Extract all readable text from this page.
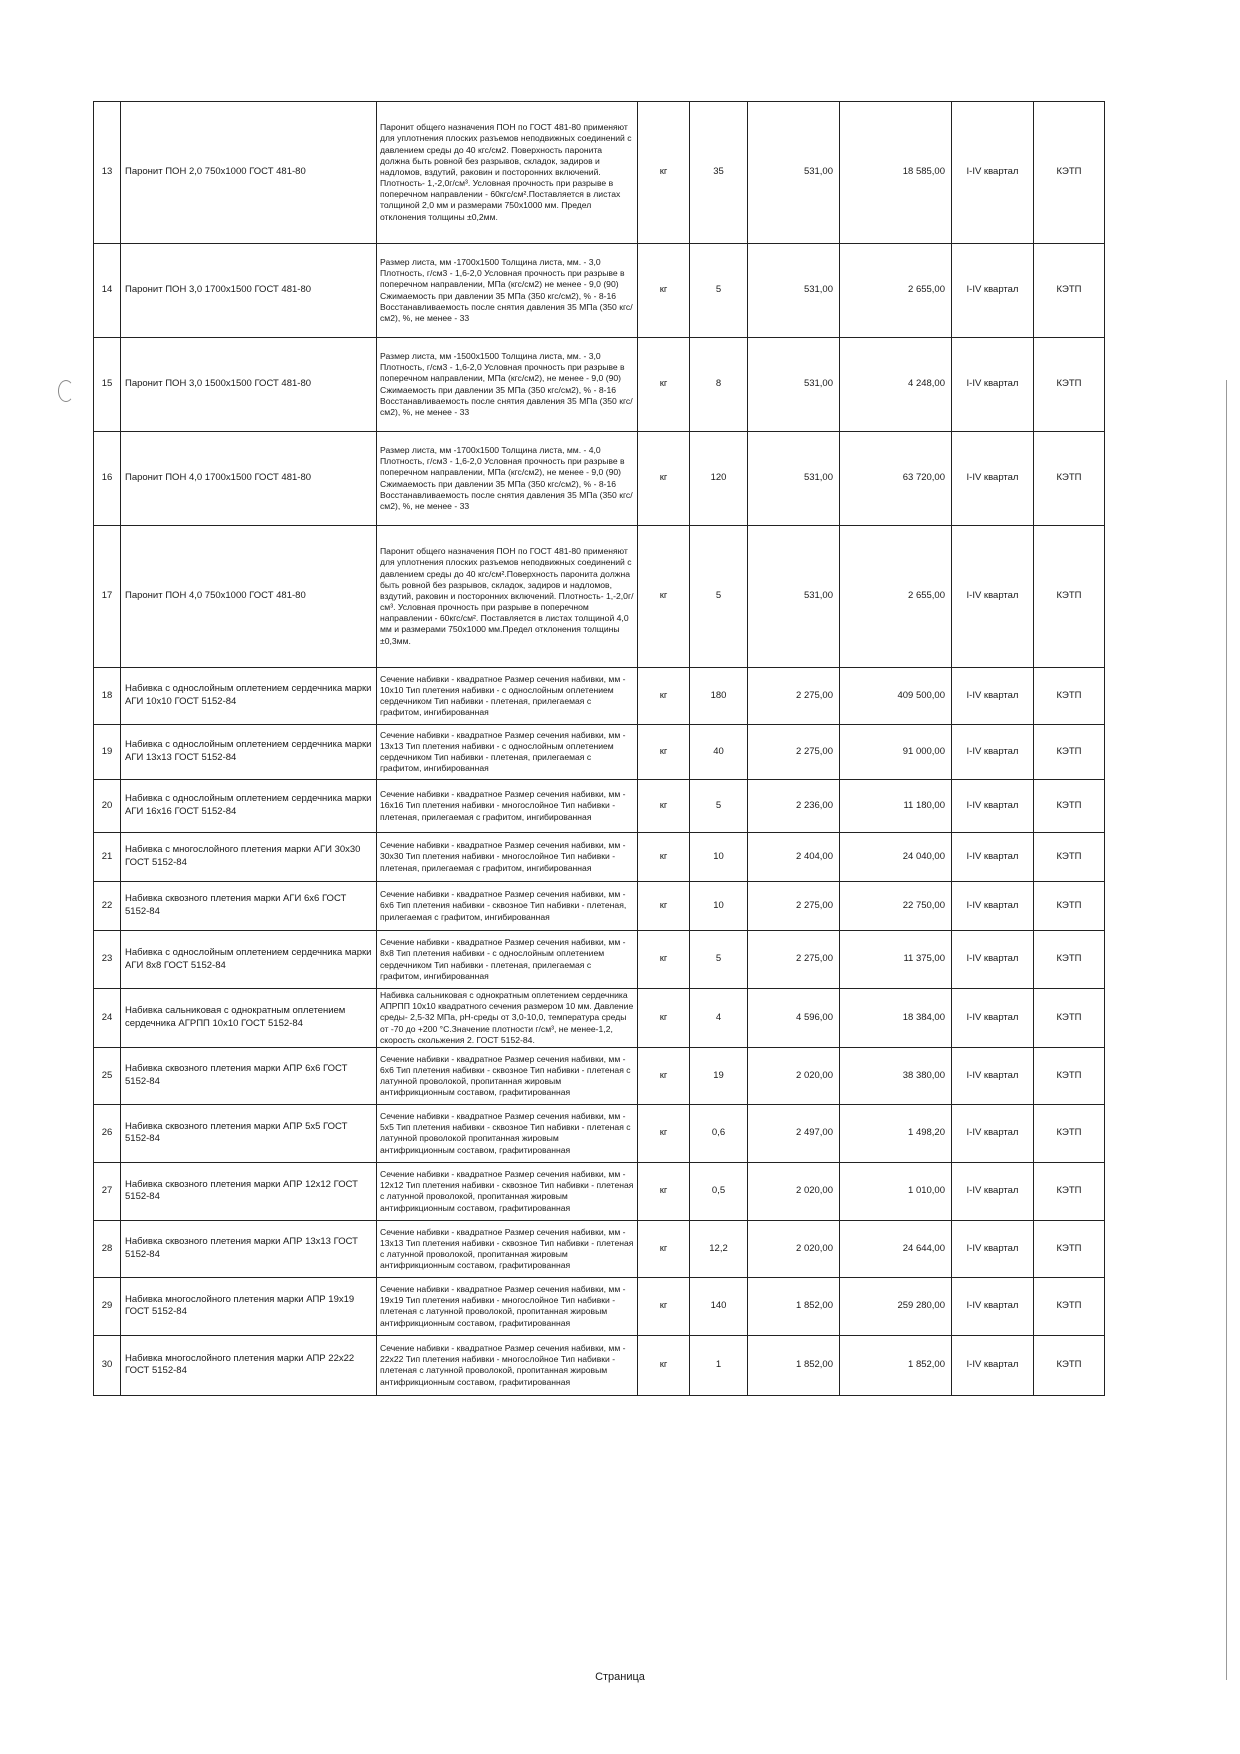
13	Паронит ПОН 2,0 750х1000 ГОСТ 481-80	Паронит общего назначения ПОН по ГОСТ 481-80 применяют для уплотнения плоских разъемов неподвижных соединений с давлением среды до 40 кгс/см2. Поверхность паронита должна быть ровной без разрывов, складок, задиров и надломов, вздутий, раковин и посторонних включений. Плотность- 1,-2,0г/см³. Условная прочность при разрыве в поперечном направлении - 60кгс/см².Поставляется в листах толщиной 2,0 мм и размерами 750х1000 мм. Предел отклонения толщины ±0,2мм.	кг	35	531,00	18 585,00	I-IV квартал	КЭТП
14	Паронит ПОН 3,0 1700х1500 ГОСТ 481-80	Размер листа, мм -1700х1500 Толщина листа, мм. - 3,0 Плотность, г/см3 - 1,6-2,0 Условная прочность при разрыве в поперечном направлении, МПа (кгс/см2) не менее - 9,0 (90) Сжимаемость при давлении 35 МПа (350 кгс/см2), % - 8-16 Восстанавливаемость после снятия давления 35 МПа (350 кгс/см2), %, не менее - 33	кг	5	531,00	2 655,00	I-IV квартал	КЭТП
15	Паронит ПОН 3,0 1500х1500 ГОСТ 481-80	Размер листа, мм -1500х1500 Толщина листа, мм. - 3,0 Плотность, г/см3 - 1,6-2,0 Условная прочность при разрыве в поперечном направлении, МПа (кгс/см2), не менее - 9,0 (90) Сжимаемость при давлении 35 МПа (350 кгс/см2), % - 8-16 Восстанавливаемость после снятия давления 35 МПа (350 кгс/см2), %, не менее - 33	кг	8	531,00	4 248,00	I-IV квартал	КЭТП
16	Паронит ПОН 4,0 1700х1500 ГОСТ 481-80	Размер листа, мм -1700х1500 Толщина листа, мм. - 4,0 Плотность, г/см3 - 1,6-2,0 Условная прочность при разрыве в поперечном направлении, МПа (кгс/см2), не менее - 9,0 (90) Сжимаемость при давлении 35 МПа (350 кгс/см2), % - 8-16 Восстанавливаемость после снятия давления 35 МПа (350 кгс/см2), %, не менее - 33	кг	120	531,00	63 720,00	I-IV квартал	КЭТП
17	Паронит ПОН 4,0 750х1000 ГОСТ 481-80	Паронит общего назначения ПОН по ГОСТ 481-80 применяют для уплотнения плоских разъемов неподвижных соединений с давлением среды до 40 кгс/см².Поверхность паронита должна быть ровной без разрывов, складок, задиров и надломов, вздутий, раковин и посторонних включений. Плотность- 1,-2,0г/см³. Условная прочность при разрыве в поперечном направлении - 60кгс/см². Поставляется в листах толщиной 4,0 мм и размерами 750х1000 мм.Предел отклонения толщины ±0,3мм.	кг	5	531,00	2 655,00	I-IV квартал	КЭТП
18	Набивка с однослойным оплетением сердечника марки АГИ 10х10 ГОСТ 5152-84	Сечение набивки - квадратное Размер сечения набивки, мм - 10х10 Тип плетения набивки - с однослойным оплетением сердечником Тип набивки - плетеная, прилегаемая с графитом, ингибированная	кг	180	2 275,00	409 500,00	I-IV квартал	КЭТП
19	Набивка с однослойным оплетением сердечника марки АГИ 13х13 ГОСТ 5152-84	Сечение набивки - квадратное Размер сечения набивки, мм - 13х13 Тип плетения набивки - с однослойным оплетением сердечником Тип набивки - плетеная, прилегаемая с графитом, ингибированная	кг	40	2 275,00	91 000,00	I-IV квартал	КЭТП
20	Набивка с однослойным оплетением сердечника марки АГИ 16х16 ГОСТ 5152-84	Сечение набивки - квадратное Размер сечения набивки, мм - 16х16 Тип плетения набивки - многослойное Тип набивки - плетеная, прилегаемая с графитом, ингибированная	кг	5	2 236,00	11 180,00	I-IV квартал	КЭТП
21	Набивка с многослойного плетения марки АГИ 30х30 ГОСТ 5152-84	Сечение набивки - квадратное Размер сечения набивки, мм - 30х30 Тип плетения набивки - многослойное Тип набивки - плетеная, прилегаемая с графитом, ингибированная	кг	10	2 404,00	24 040,00	I-IV квартал	КЭТП
22	Набивка сквозного плетения марки АГИ 6х6 ГОСТ 5152-84	Сечение набивки - квадратное Размер сечения набивки, мм - 6х6 Тип плетения набивки - сквозное Тип набивки - плетеная, прилегаемая с графитом, ингибированная	кг	10	2 275,00	22 750,00	I-IV квартал	КЭТП
23	Набивка с однослойным оплетением сердечника марки АГИ 8х8 ГОСТ 5152-84	Сечение набивки - квадратное Размер сечения набивки, мм - 8х8 Тип плетения набивки - с однослойным оплетением сердечником Тип набивки - плетеная, прилегаемая с графитом, ингибированная	кг	5	2 275,00	11 375,00	I-IV квартал	КЭТП
24	Набивка сальниковая с однократным оплетением сердечника АГРПП 10х10 ГОСТ 5152-84	Набивка сальниковая с однократным оплетением сердечника АПРПП 10х10 квадратного сечения размером 10 мм. Давление среды- 2,5-32 МПа, рН-среды от 3,0-10,0, температура среды от -70 до +200 °С.Значение плотности г/см³, не менее-1,2, скорость скольжения 2. ГОСТ 5152-84.	кг	4	4 596,00	18 384,00	I-IV квартал	КЭТП
25	Набивка сквозного плетения марки АПР 6х6 ГОСТ 5152-84	Сечение набивки - квадратное Размер сечения набивки, мм - 6х6 Тип плетения набивки - сквозное Тип набивки - плетеная с латунной проволокой, пропитанная жировым антифрикционным составом, графитированная	кг	19	2 020,00	38 380,00	I-IV квартал	КЭТП
26	Набивка сквозного плетения марки АПР 5х5 ГОСТ 5152-84	Сечение набивки - квадратное Размер сечения набивки, мм - 5х5 Тип плетения набивки - сквозное Тип набивки - плетеная с латунной проволокой пропитанная жировым антифрикционным составом, графитированная	кг	0,6	2 497,00	1 498,20	I-IV квартал	КЭТП
27	Набивка сквозного плетения марки АПР 12х12 ГОСТ 5152-84	Сечение набивки - квадратное Размер сечения набивки, мм - 12х12 Тип плетения набивки - сквозное Тип набивки - плетеная с латунной проволокой, пропитанная жировым антифрикционным составом, графитированная	кг	0,5	2 020,00	1 010,00	I-IV квартал	КЭТП
28	Набивка сквозного плетения марки АПР 13х13 ГОСТ 5152-84	Сечение набивки - квадратное Размер сечения набивки, мм - 13х13 Тип плетения набивки - сквозное Тип набивки - плетеная с латунной проволокой, пропитанная жировым антифрикционным составом, графитированная	кг	12,2	2 020,00	24 644,00	I-IV квартал	КЭТП
29	Набивка многослойного плетения марки АПР 19х19 ГОСТ 5152-84	Сечение набивки - квадратное Размер сечения набивки, мм - 19х19 Тип плетения набивки - многослойное Тип набивки - плетеная с латунной проволокой, пропитанная жировым антифрикционным составом, графитированная	кг	140	1 852,00	259 280,00	I-IV квартал	КЭТП
30	Набивка многослойного плетения марки АПР 22х22 ГОСТ 5152-84	Сечение набивки - квадратное Размер сечения набивки, мм - 22х22 Тип плетения набивки - многослойное Тип набивки - плетеная с латунной проволокой, пропитанная жировым антифрикционным составом, графитированная	кг	1	1 852,00	1 852,00	I-IV квартал	КЭТП
Страница
